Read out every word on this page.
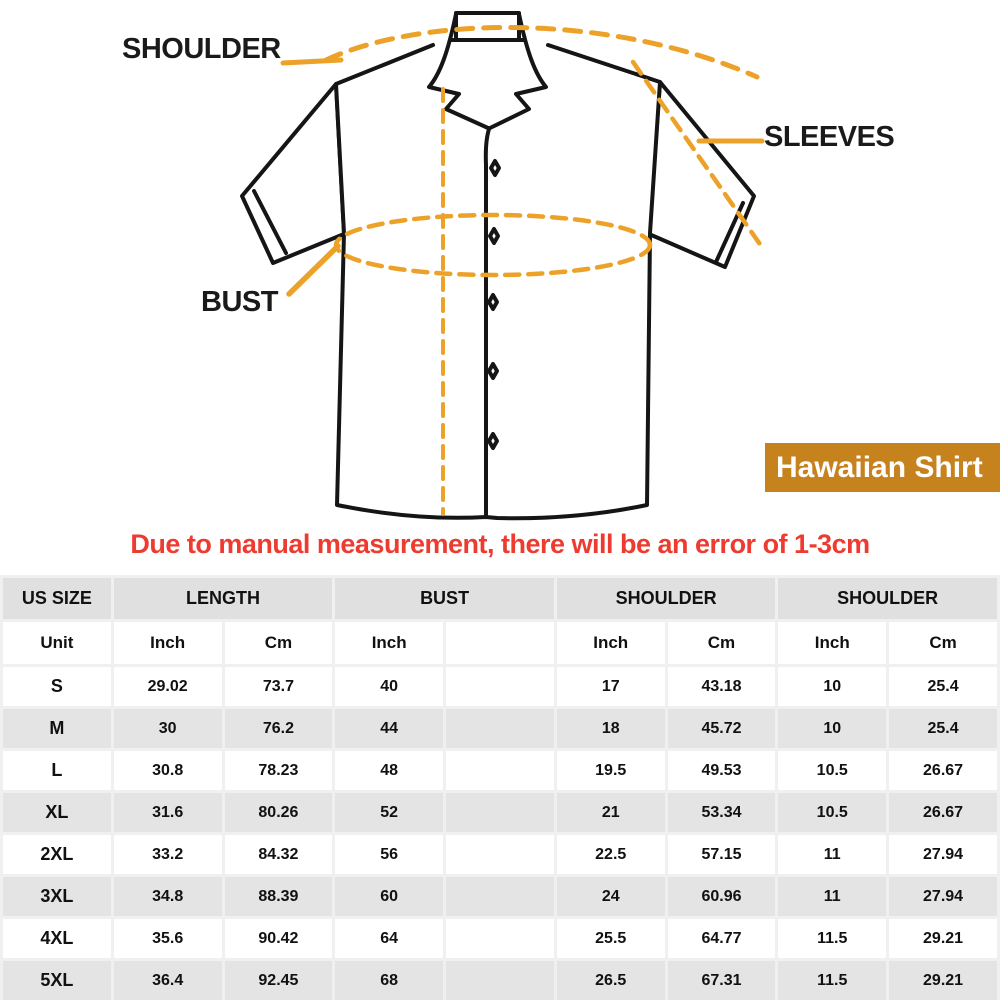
SHOULDER
SLEEVES
BUST
Hawaiian Shirt
Due to manual measurement, there will be an error of 1-3cm
US SIZE	LENGTH		BUST		SHOULDER		SHOULDER	
Unit	Inch	Cm	Inch		Inch	Cm	Inch	Cm
S	29.02	73.7	40		17	43.18	10	25.4
M	30	76.2	44		18	45.72	10	25.4
L	30.8	78.23	48		19.5	49.53	10.5	26.67
XL	31.6	80.26	52		21	53.34	10.5	26.67
2XL	33.2	84.32	56		22.5	57.15	11	27.94
3XL	34.8	88.39	60		24	60.96	11	27.94
4XL	35.6	90.42	64		25.5	64.77	11.5	29.21
5XL	36.4	92.45	68		26.5	67.31	11.5	29.21
